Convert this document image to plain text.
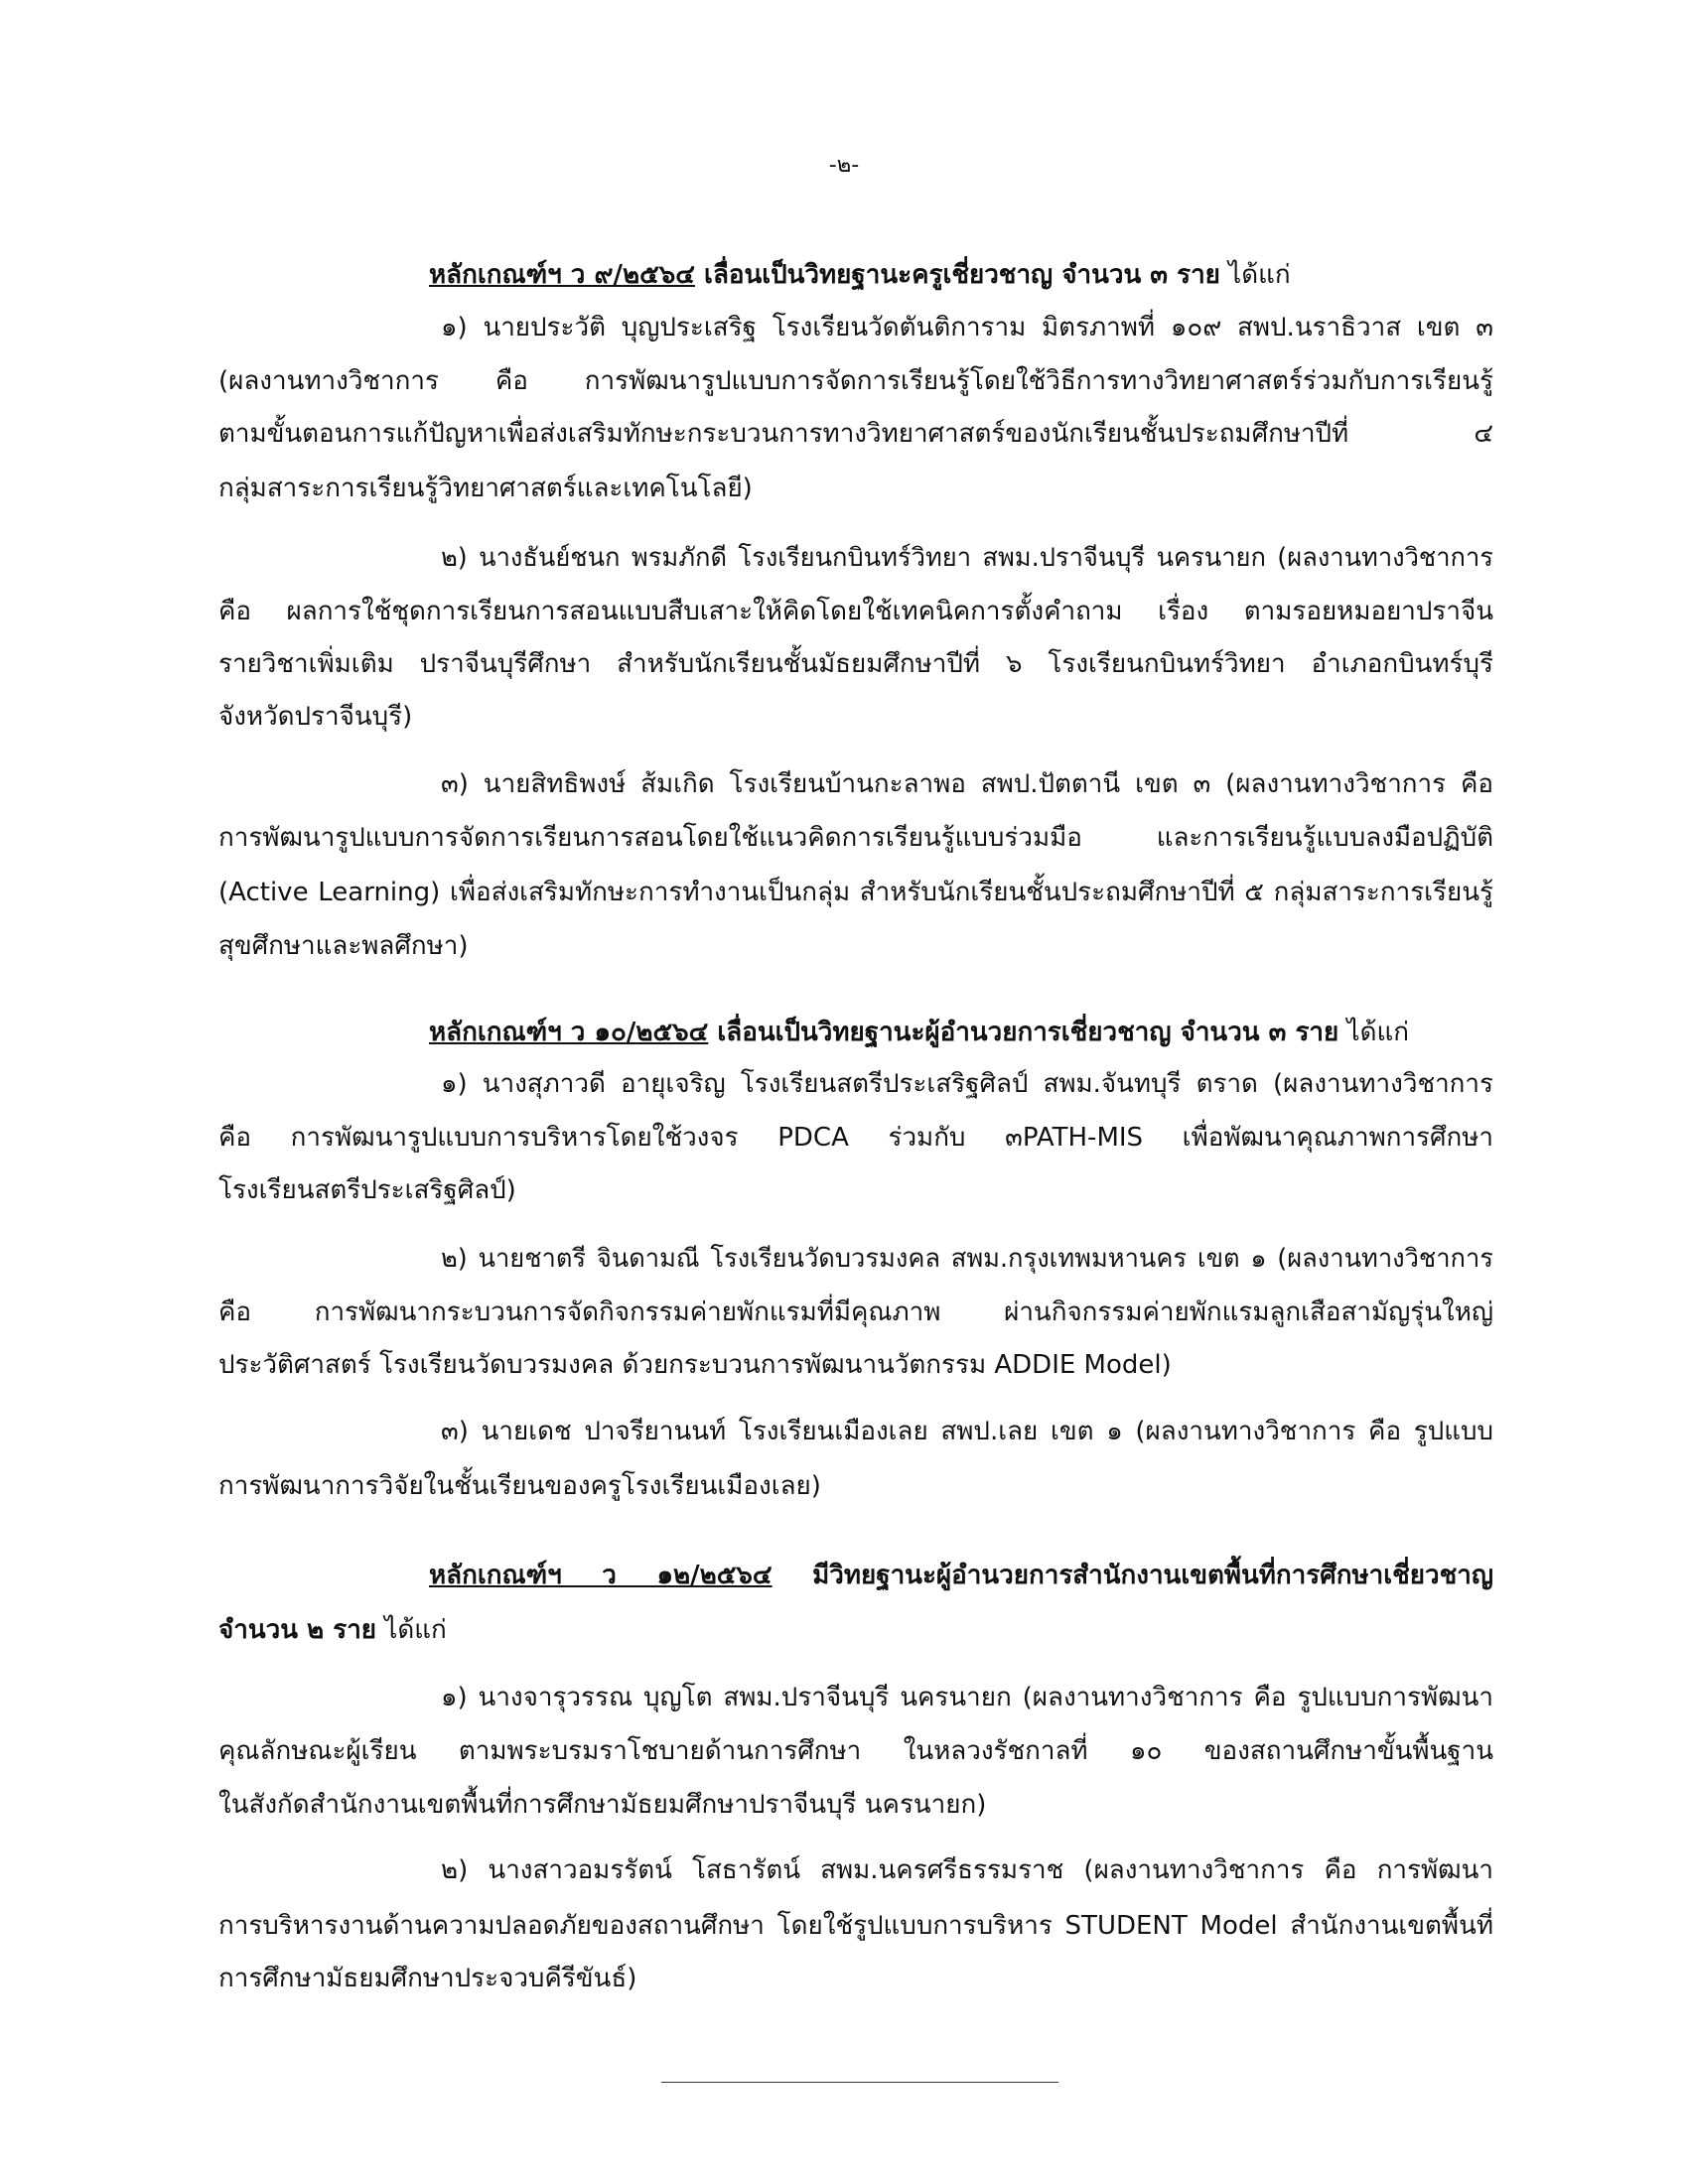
-๒-
หลักเกณฑ์ฯ ว ๙/๒๕๖๔ เลื่อนเป็นวิทยฐานะครูเชี่ยวชาญ จำนวน ๓ ราย ได้แก่
๑) นายประวัติ บุญประเสริฐ โรงเรียนวัดตันติการาม มิตรภาพที่ ๑๐๙ สพป.นราธิวาส เขต ๓
(ผลงานทางวิชาการ คือ การพัฒนารูปแบบการจัดการเรียนรู้โดยใช้วิธีการทางวิทยาศาสตร์ร่วมกับการเรียนรู้
ตามขั้นตอนการแก้ปัญหาเพื่อส่งเสริมทักษะกระบวนการทางวิทยาศาสตร์ของนักเรียนชั้นประถมศึกษาปีที่ ๔
กลุ่มสาระการเรียนรู้วิทยาศาสตร์และเทคโนโลยี)
๒) นางธันย์ชนก พรมภักดี โรงเรียนกบินทร์วิทยา สพม.ปราจีนบุรี นครนายก (ผลงานทางวิชาการ
คือ ผลการใช้ชุดการเรียนการสอนแบบสืบเสาะให้คิดโดยใช้เทคนิคการตั้งคำถาม เรื่อง ตามรอยหมอยาปราจีน
รายวิชาเพิ่มเติม ปราจีนบุรีศึกษา สำหรับนักเรียนชั้นมัธยมศึกษาปีที่ ๖ โรงเรียนกบินทร์วิทยา อำเภอกบินทร์บุรี
จังหวัดปราจีนบุรี)
๓) นายสิทธิพงษ์ ส้มเกิด โรงเรียนบ้านกะลาพอ สพป.ปัตตานี เขต ๓ (ผลงานทางวิชาการ คือ
การพัฒนารูปแบบการจัดการเรียนการสอนโดยใช้แนวคิดการเรียนรู้แบบร่วมมือ และการเรียนรู้แบบลงมือปฏิบัติ
(Active Learning) เพื่อส่งเสริมทักษะการทำงานเป็นกลุ่ม สำหรับนักเรียนชั้นประถมศึกษาปีที่ ๕ กลุ่มสาระการเรียนรู้
สุขศึกษาและพลศึกษา)
หลักเกณฑ์ฯ ว ๑๐/๒๕๖๔ เลื่อนเป็นวิทยฐานะผู้อำนวยการเชี่ยวชาญ จำนวน ๓ ราย ได้แก่
๑) นางสุภาวดี อายุเจริญ โรงเรียนสตรีประเสริฐศิลป์ สพม.จันทบุรี ตราด (ผลงานทางวิชาการ
คือ การพัฒนารูปแบบการบริหารโดยใช้วงจร PDCA ร่วมกับ ๓PATH-MIS เพื่อพัฒนาคุณภาพการศึกษา
โรงเรียนสตรีประเสริฐศิลป์)
๒) นายชาตรี จินดามณี โรงเรียนวัดบวรมงคล สพม.กรุงเทพมหานคร เขต ๑ (ผลงานทางวิชาการ
คือ การพัฒนากระบวนการจัดกิจกรรมค่ายพักแรมที่มีคุณภาพ ผ่านกิจกรรมค่ายพักแรมลูกเสือสามัญรุ่นใหญ่
ประวัติศาสตร์ โรงเรียนวัดบวรมงคล ด้วยกระบวนการพัฒนานวัตกรรม ADDIE Model)
๓) นายเดช ปาจรียานนท์ โรงเรียนเมืองเลย สพป.เลย เขต ๑ (ผลงานทางวิชาการ คือ รูปแบบ
การพัฒนาการวิจัยในชั้นเรียนของครูโรงเรียนเมืองเลย)
หลักเกณฑ์ฯ ว ๑๒/๒๕๖๔ มีวิทยฐานะผู้อำนวยการสำนักงานเขตพื้นที่การศึกษาเชี่ยวชาญ
จำนวน ๒ ราย ได้แก่
๑) นางจารุวรรณ บุญโต สพม.ปราจีนบุรี นครนายก (ผลงานทางวิชาการ คือ รูปแบบการพัฒนา
คุณลักษณะผู้เรียน ตามพระบรมราโชบายด้านการศึกษา ในหลวงรัชกาลที่ ๑๐ ของสถานศึกษาขั้นพื้นฐาน
ในสังกัดสำนักงานเขตพื้นที่การศึกษามัธยมศึกษาปราจีนบุรี นครนายก)
๒) นางสาวอมรรัตน์ โสธารัตน์ สพม.นครศรีธรรมราช (ผลงานทางวิชาการ คือ การพัฒนา
การบริหารงานด้านความปลอดภัยของสถานศึกษา โดยใช้รูปแบบการบริหาร STUDENT Model สำนักงานเขตพื้นที่
การศึกษามัธยมศึกษาประจวบคีรีขันธ์)
